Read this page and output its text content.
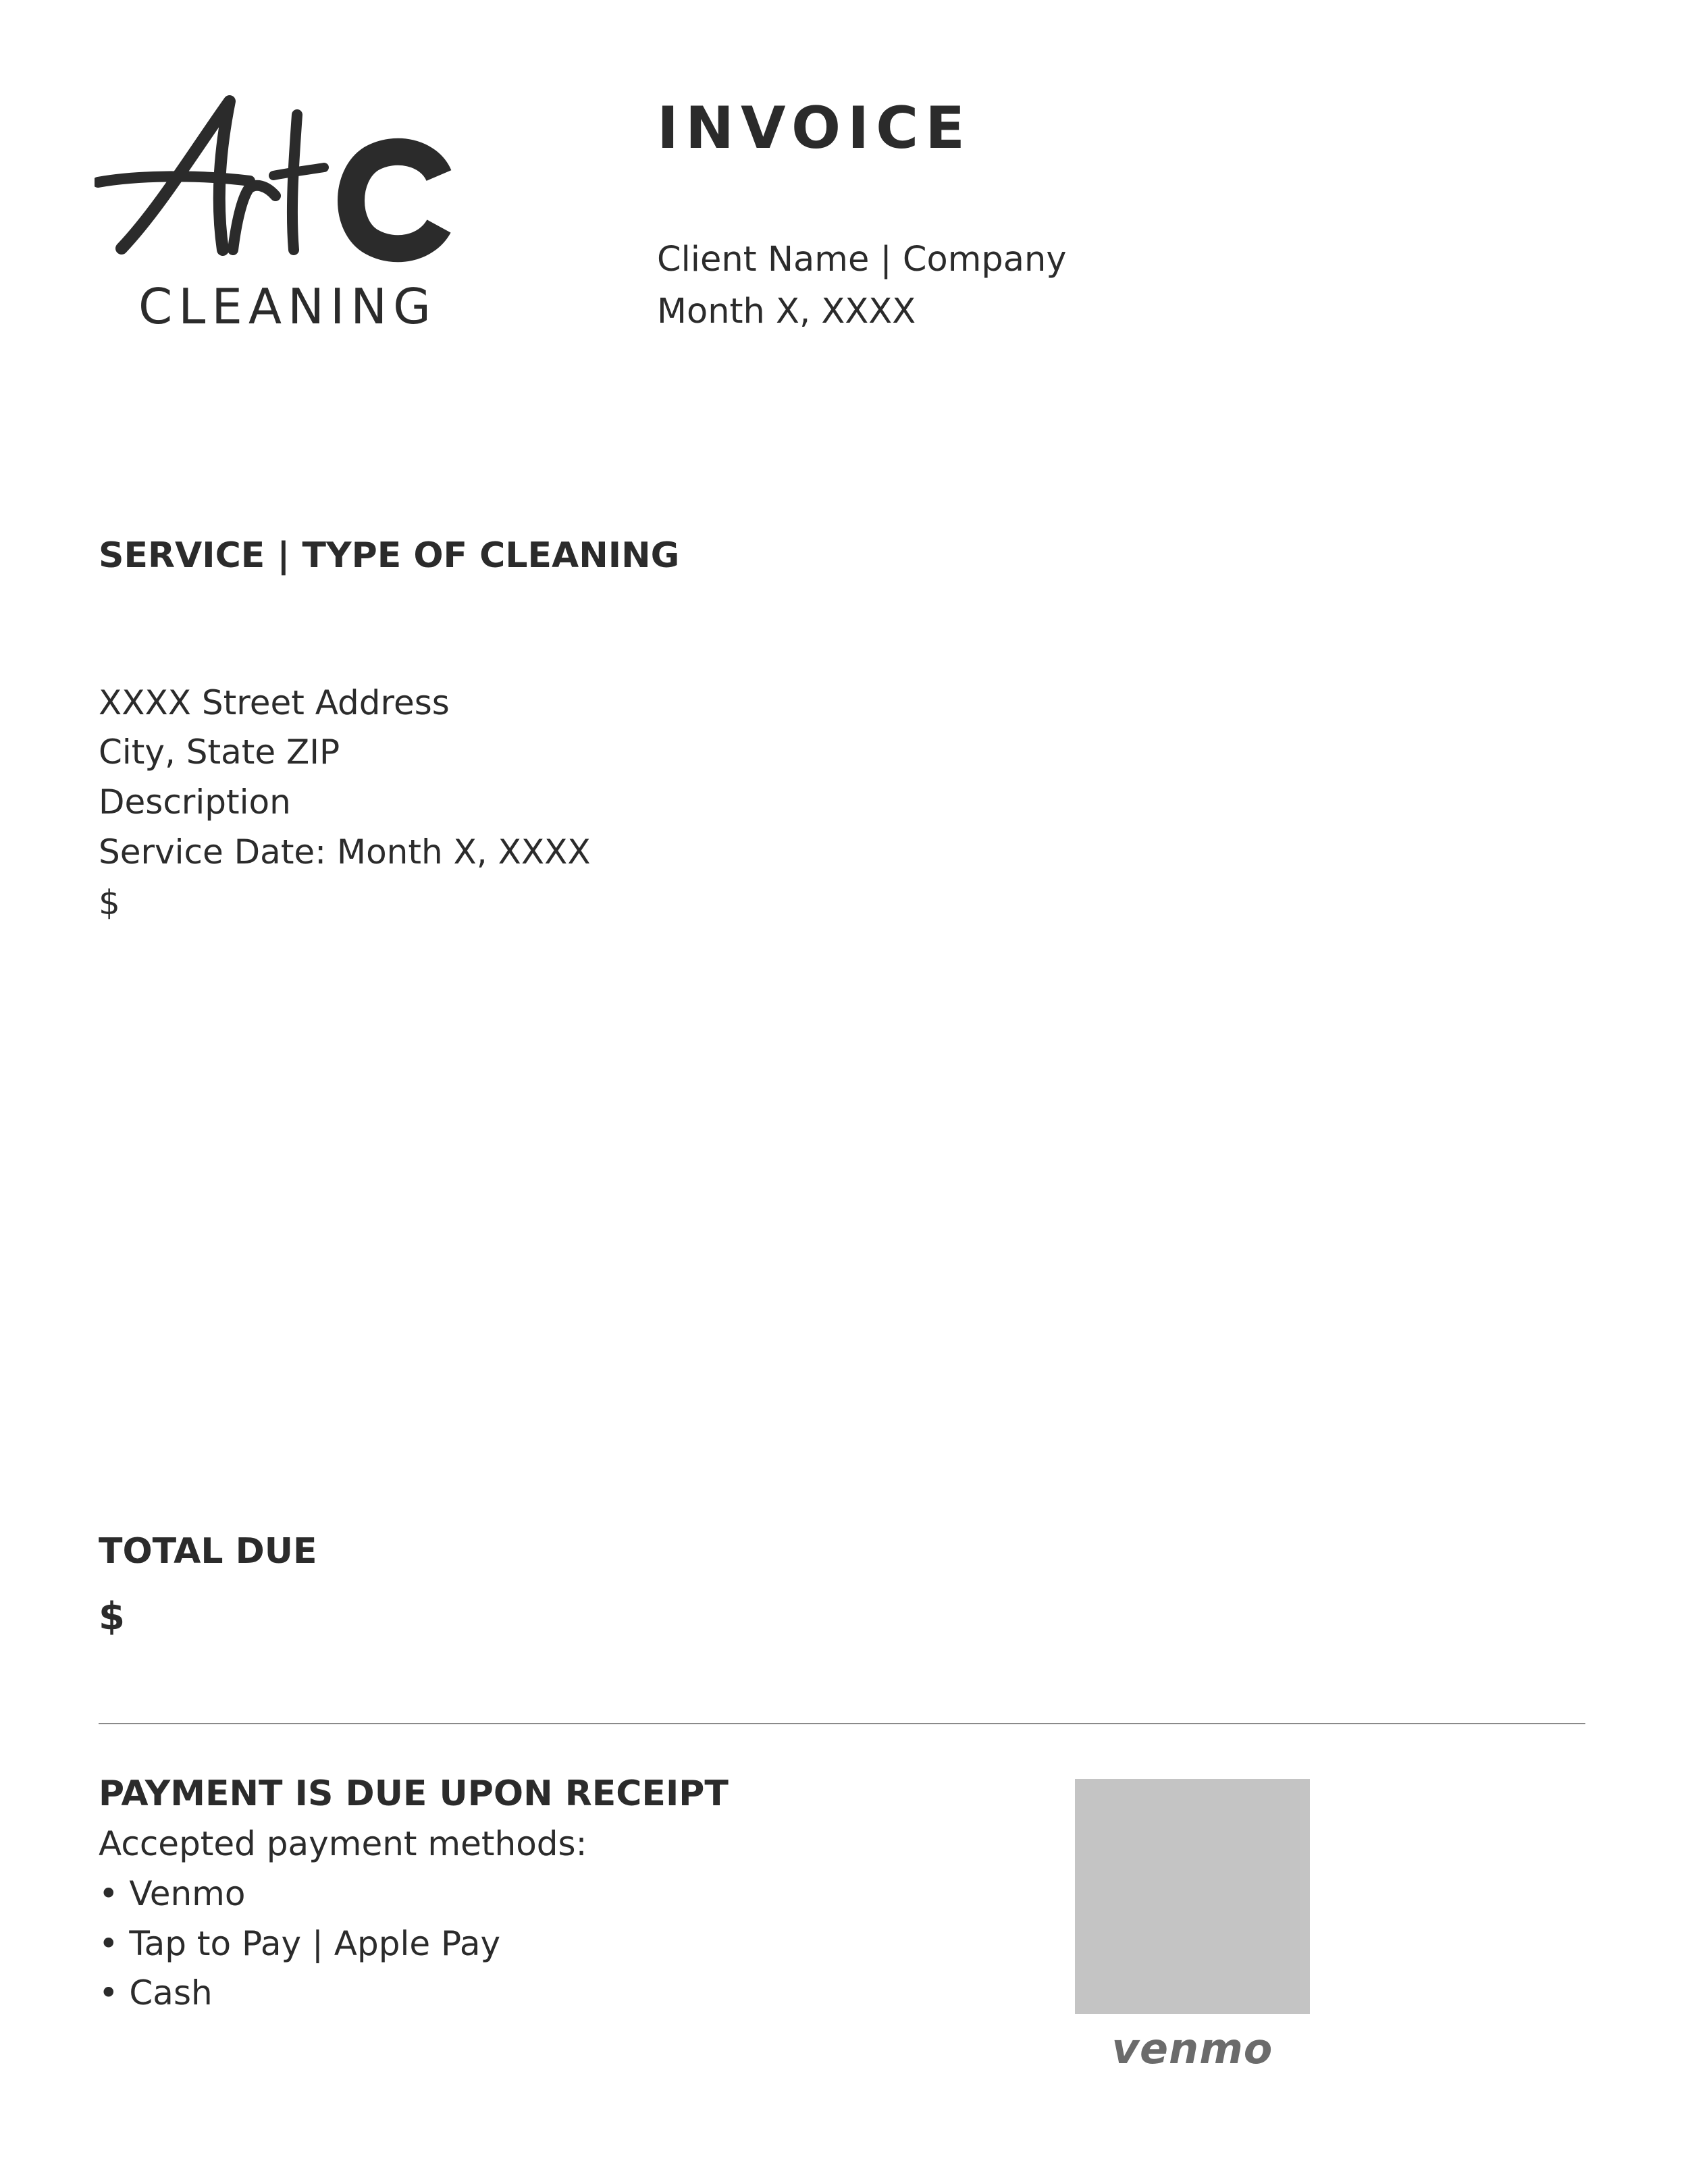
CLEANING
INVOICE
Client Name | Company
Month X, XXXX
SERVICE | TYPE OF CLEANING
XXXX Street Address
City, State ZIP
Description
Service Date: Month X, XXXX
$
TOTAL DUE
$
PAYMENT IS DUE UPON RECEIPT
Accepted payment methods:
• Venmo
• Tap to Pay | Apple Pay
• Cash
venmo
